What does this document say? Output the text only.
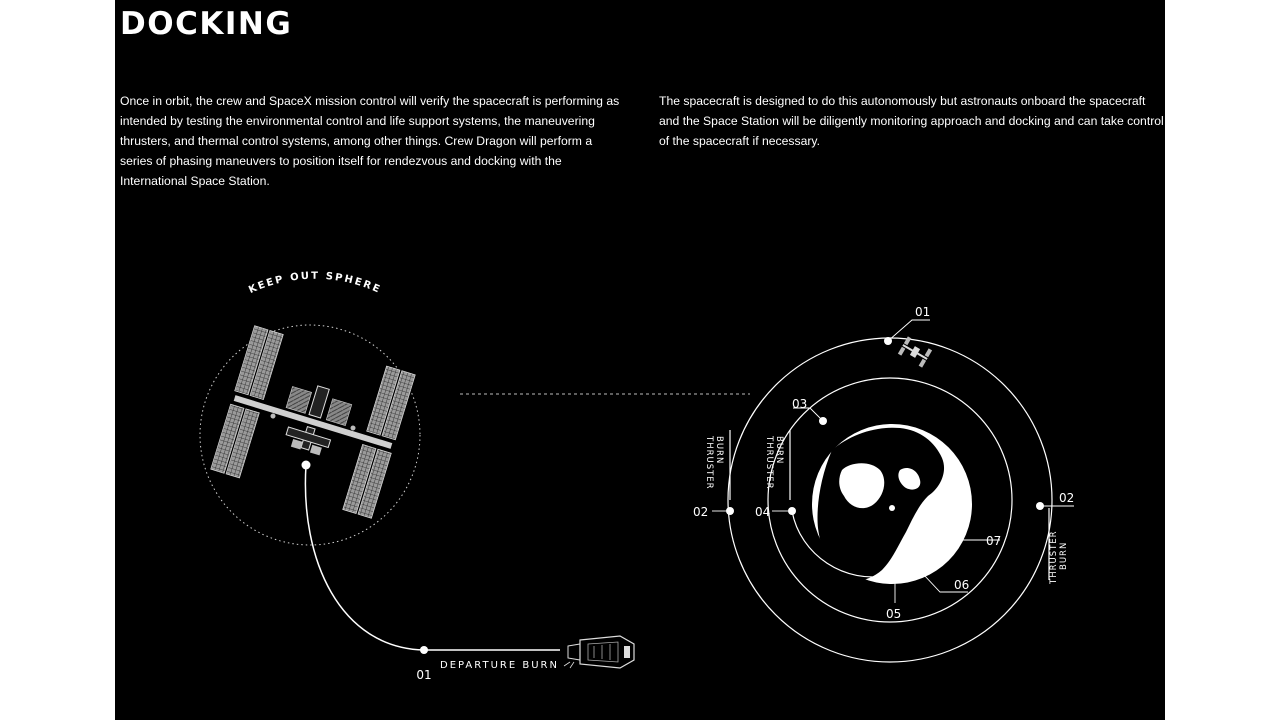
DOCKING
Once in orbit, the crew and SpaceX mission control will verify the spacecraft is performing as intended by testing the environmental control and life support systems, the maneuvering thrusters, and thermal control systems, among other things. Crew Dragon will perform a series of phasing maneuvers to position itself for rendezvous and docking with the International Space Station.
The spacecraft is designed to do this autonomously but astronauts onboard the spacecraft and the Space Station will be diligently monitoring approach and docking and can take control of the spacecraft if necessary.
KEEP OUT SPHERE
01
DEPARTURE BURN
01
02
02
03
04
05
06
07
THRUSTER BURN	THRUSTER BURN
THRUSTER BURN
